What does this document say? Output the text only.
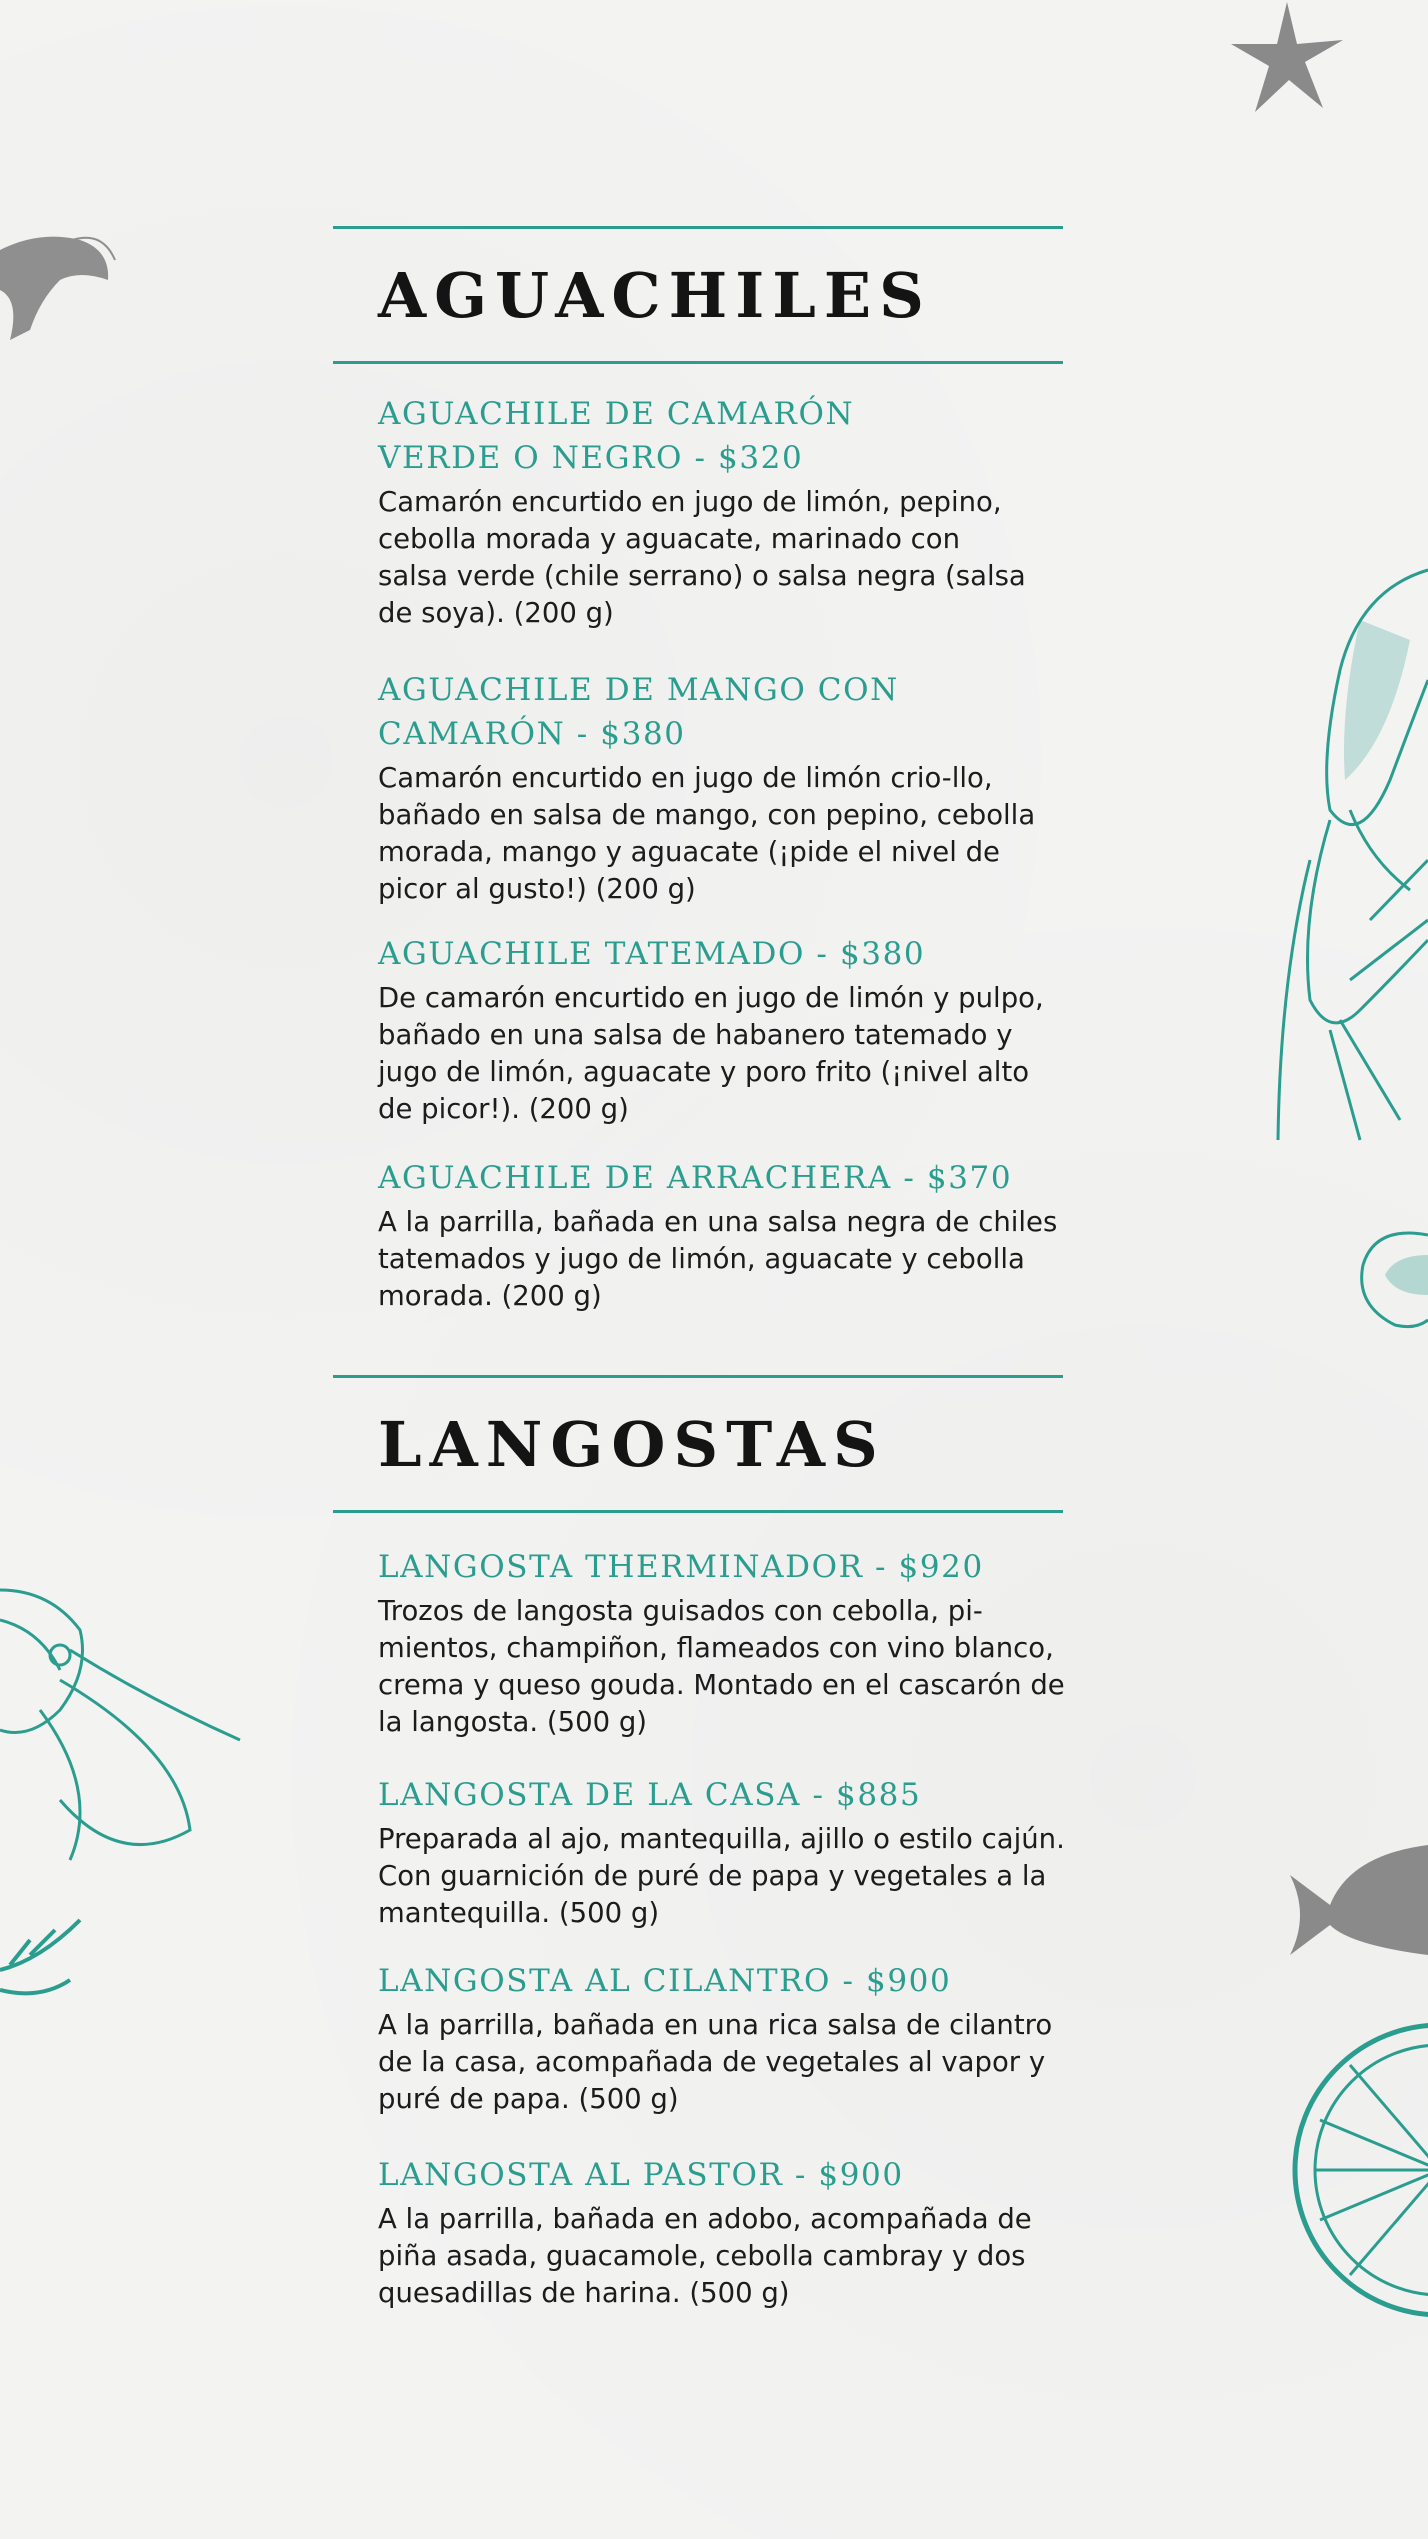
AGUACHILES

AGUACHILE DE CAMARÓN VERDE O NEGRO - $320

Camarón encurtido en jugo de limón, pepino, cebolla morada y aguacate, marinado con salsa verde (chile serrano) o salsa negra (salsa de soya). (200 g)

AGUACHILE DE MANGO CON CAMARÓN - $380

Camarón encurtido en jugo de limón crio-llo, bañado en salsa de mango, con pepino, cebolla morada, mango y aguacate (¡pide el nivel de picor al gusto!) (200 g)

AGUACHILE TATEMADO - $380

De camarón encurtido en jugo de limón y pulpo, bañado en una salsa de habanero tatemado y jugo de limón, aguacate y poro frito (¡nivel alto de picor!). (200 g)

AGUACHILE DE ARRACHERA - $370

A la parrilla, bañada en una salsa negra de chiles tatemados y jugo de limón, aguacate y cebolla morada. (200 g)

LANGOSTAS

LANGOSTA THERMINADOR - $920

Trozos de langosta guisados con cebolla, pi-mientos, champiñon, flameados con vino blanco, crema y queso gouda. Montado en el cascarón de la langosta. (500 g)

LANGOSTA DE LA CASA - $885

Preparada al ajo, mantequilla, ajillo o estilo cajún. Con guarnición de puré de papa y vegetales a la mantequilla. (500 g)

LANGOSTA AL CILANTRO - $900

A la parrilla, bañada en una rica salsa de cilantro de la casa, acompañada de vegetales al vapor y puré de papa. (500 g)

LANGOSTA AL PASTOR - $900

A la parrilla, bañada en adobo, acompañada de piña asada, guacamole, cebolla cambray y dos quesadillas de harina. (500 g)
